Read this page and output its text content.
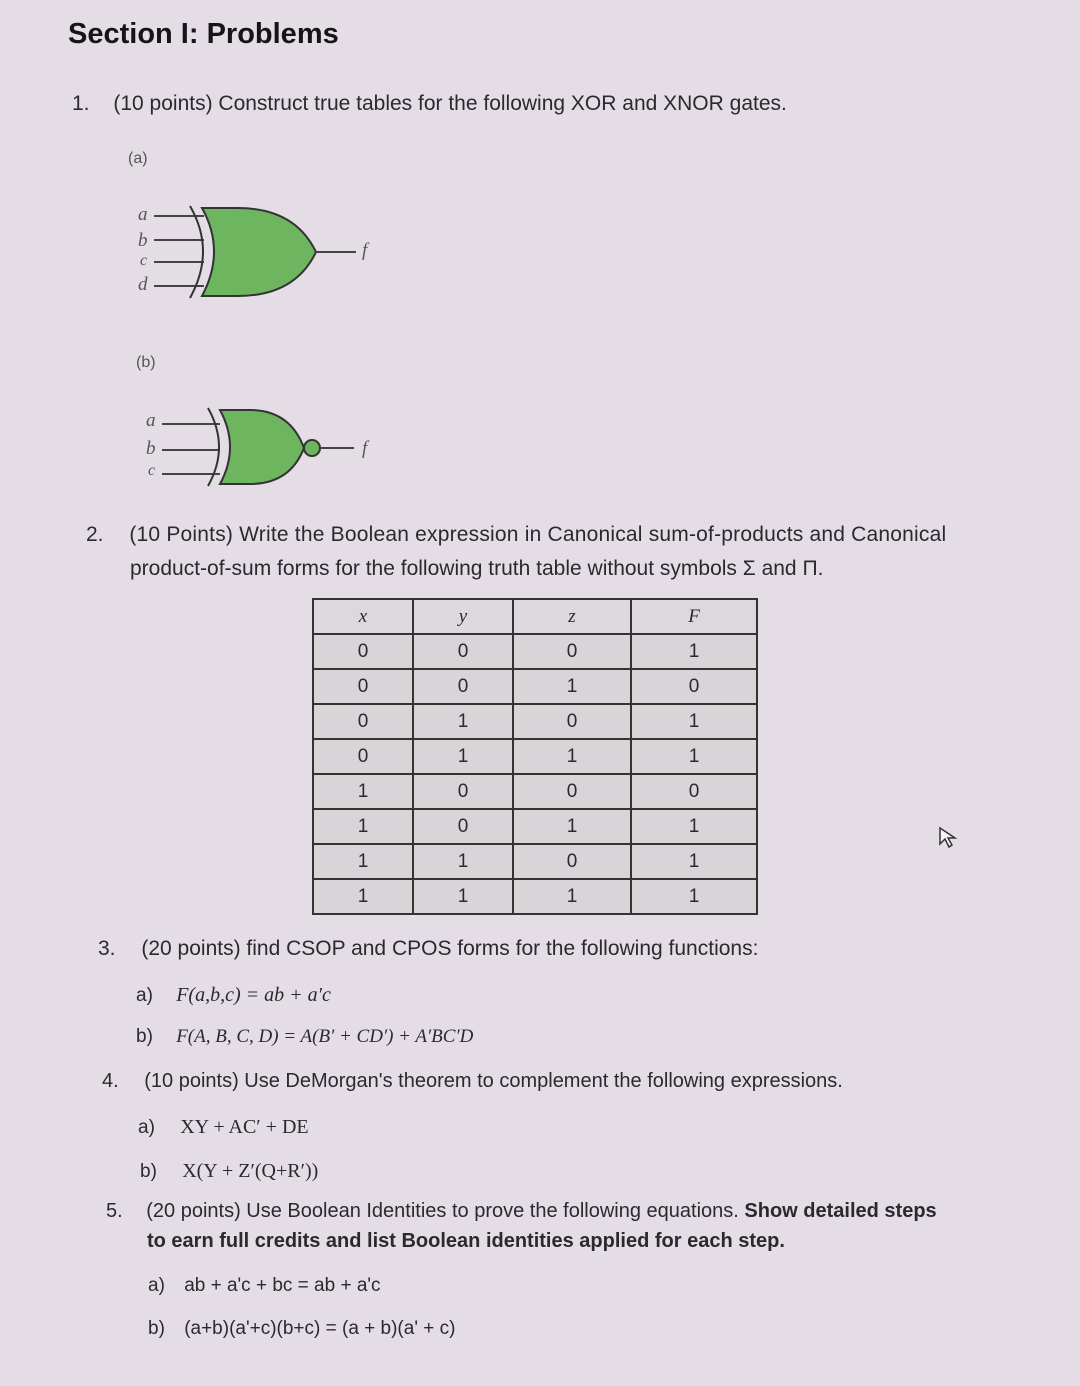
Section I: Problems
1. (10 points) Construct true tables for the following XOR and XNOR gates.
(a)
a
b
c
d
f
(b)
a
b
c
f
2. (10 Points) Write the Boolean expression in Canonical sum-of-products and Canonical
product-of-sum forms for the following truth table without symbols Σ and Π.
x	y	z	F
0	0	0	1
0	0	1	0
0	1	0	1
0	1	1	1
1	0	0	0
1	0	1	1
1	1	0	1
1	1	1	1
3. (20 points) find CSOP and CPOS forms for the following functions:
a) F(a,b,c) = ab + a′c
b) F(A, B, C, D) = A(B′ + CD′) + A′BC′D
4. (10 points) Use DeMorgan's theorem to complement the following expressions.
a) XY + AC′ + DE
b) X(Y + Z′(Q+R′))
5. (20 points) Use Boolean Identities to prove the following equations. Show detailed steps
to earn full credits and list Boolean identities applied for each step.
a) ab + a'c + bc = ab + a'c
b) (a+b)(a'+c)(b+c) = (a + b)(a' + c)
